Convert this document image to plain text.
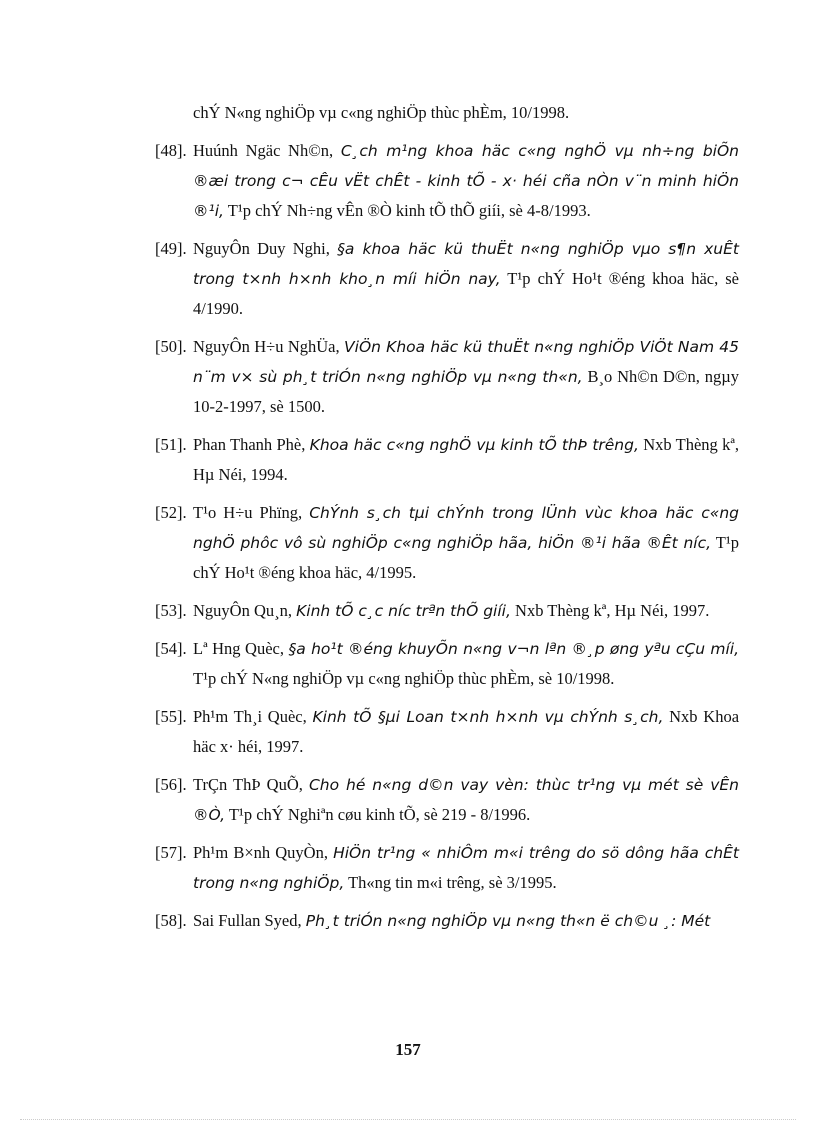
chÝ N«ng nghiÖp vµ c«ng nghiÖp thùc phÈm, 10/1998.
[48]. Huúnh Ngäc Nh©n, C¸ch m¹ng khoa häc c«ng nghÖ vµ nh÷ng biÕn ®æi trong c¬ cÊu vËt chÊt - kinh tÕ - x· héi cña nÒn v¨n minh hiÖn ®¹i, T¹p chÝ Nh÷ng vÊn ®Ò kinh tÕ thÕ giíi, sè 4-8/1993.
[49]. NguyÔn Duy Nghi, §a khoa häc kü thuËt n«ng nghiÖp vµo s¶n xuÊt trong t×nh h×nh kho¸n míi hiÖn nay, T¹p chÝ Ho¹t ®éng khoa häc, sè 4/1990.
[50]. NguyÔn H÷u NghÜa, ViÖn Khoa häc kü thuËt n«ng nghiÖp ViÖt Nam 45 n¨m v× sù ph¸t triÓn n«ng nghiÖp vµ n«ng th«n, B¸o Nh©n D©n, ngµy 10-2-1997, sè 1500.
[51]. Phan Thanh Phè, Khoa häc c«ng nghÖ vµ kinh tÕ thÞ trêng, Nxb Thèng kª, Hµ Néi, 1994.
[52]. T¹o H÷u Phïng, ChÝnh s¸ch tµi chÝnh trong lÜnh vùc khoa häc c«ng nghÖ phôc vô sù nghiÖp c«ng nghiÖp hãa, hiÖn ®¹i hãa ®Êt níc, T¹p chÝ Ho¹t ®éng khoa häc, 4/1995.
[53]. NguyÔn Qu¸n, Kinh tÕ c¸c níc trªn thÕ giíi, Nxb Thèng kª, Hµ Néi, 1997.
[54]. Lª Hng Quèc, §a ho¹t ®éng khuyÕn n«ng v¬n lªn ®¸p øng yªu cÇu míi, T¹p chÝ N«ng nghiÖp vµ c«ng nghiÖp thùc phÈm, sè 10/1998.
[55]. Ph¹m Th¸i Quèc, Kinh tÕ §µi Loan t×nh h×nh vµ chÝnh s¸ch, Nxb Khoa häc x· héi, 1997.
[56]. TrÇn ThÞ QuÕ, Cho hé n«ng d©n vay vèn: thùc tr¹ng vµ mét sè vÊn ®Ò, T¹p chÝ Nghiªn cøu kinh tÕ, sè 219 - 8/1996.
[57]. Ph¹m B×nh QuyÒn, HiÖn tr¹ng « nhiÔm m«i trêng do sö dông hãa chÊt trong n«ng nghiÖp, Th«ng tin m«i trêng, sè 3/1995.
[58]. Sai Fullan Syed, Ph¸t triÓn n«ng nghiÖp vµ n«ng th«n ë ch©u ¸: Mét
157
